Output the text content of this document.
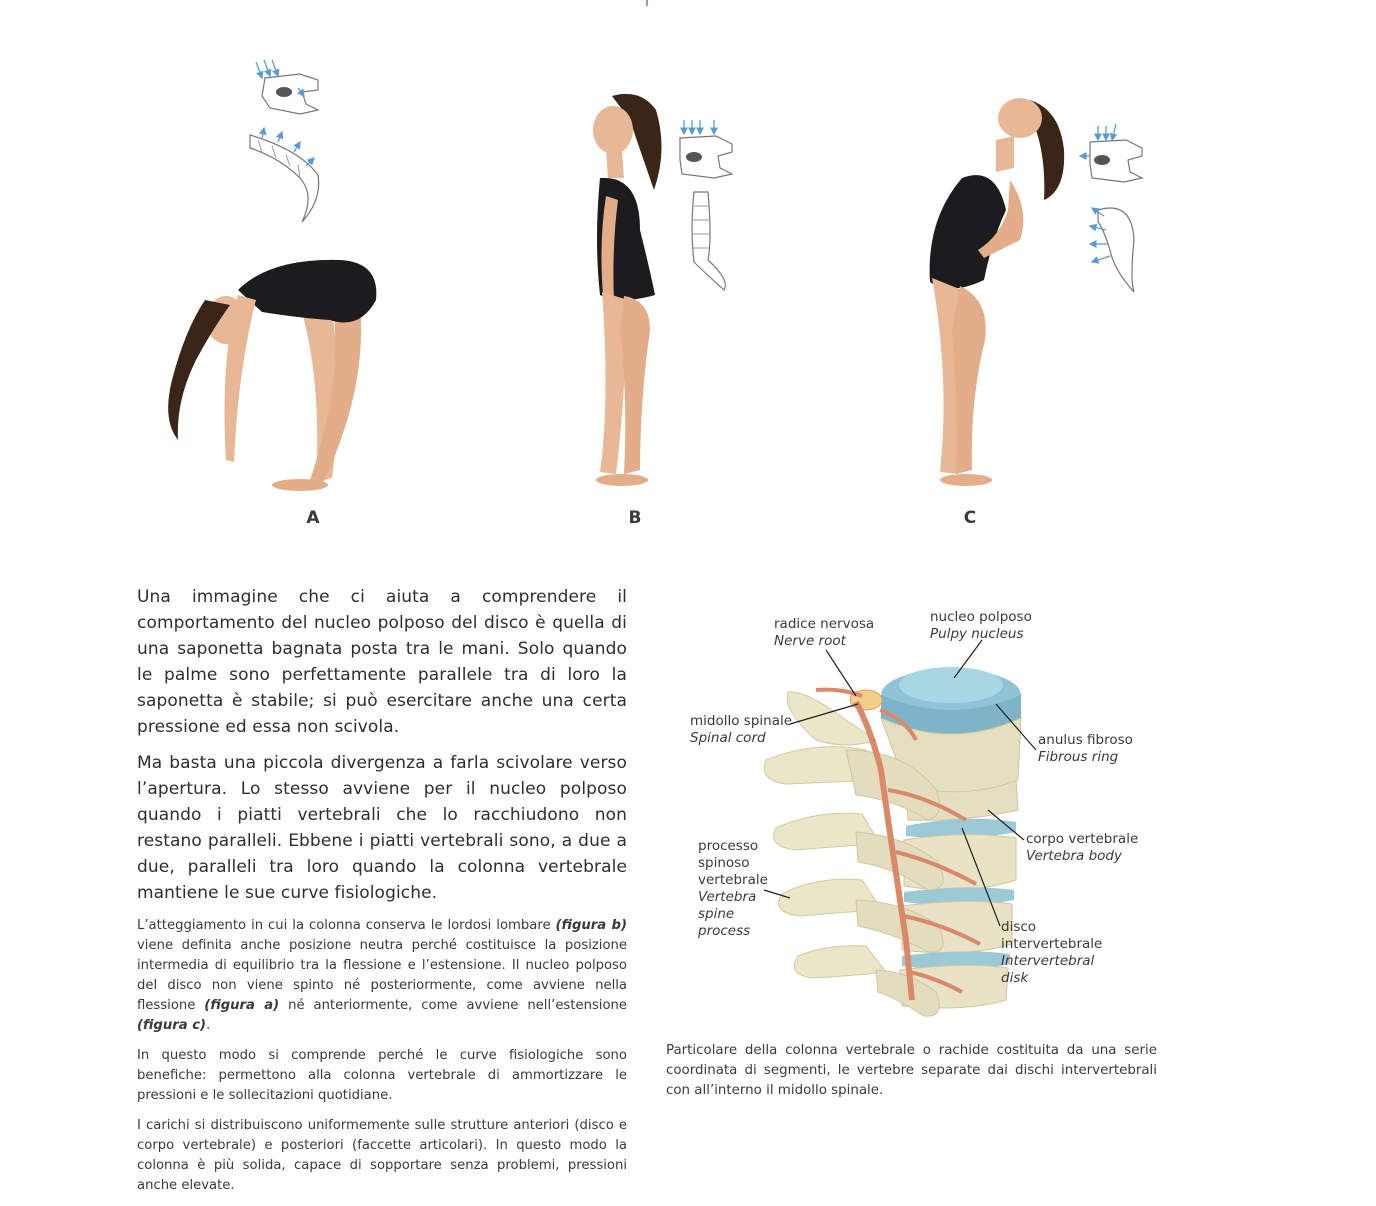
A	B	C

Una immagine che ci aiuta a comprendere il comportamento del nucleo polposo del disco è quella di una saponetta bagnata posta tra le mani. Solo quando le palme sono perfettamente parallele tra di loro la saponetta è stabile; si può esercitare anche una certa pressione ed essa non scivola.

Ma basta una piccola divergenza a farla scivolare verso l’apertura. Lo stesso avviene per il nucleo polposo quando i piatti vertebrali che lo racchiudono non restano paralleli. Ebbene i piatti vertebrali sono, a due a due, paralleli tra loro quando la colonna vertebrale mantiene le sue curve fisiologiche.

L’atteggiamento in cui la colonna conserva le lordosi lombare (figura b) viene definita anche posizione neutra perché costituisce la posizione intermedia di equilibrio tra la flessione e l’estensione. Il nucleo polposo del disco non viene spinto né posteriormente, come avviene nella flessione (figura a) né anteriormente, come avviene nell’estensione (figura c).

In questo modo si comprende perché le curve fisiologiche sono benefiche: permettono alla colonna vertebrale di ammortizzare le pressioni e le sollecitazioni quotidiane.

I carichi si distribuiscono uniformemente sulle strutture anteriori (disco e corpo vertebrale) e posteriori (faccette articolari). In questo modo la colonna è più solida, capace di sopportare senza problemi, pressioni anche elevate.

radice nervosa
Nerve root
nucleo polposo
Pulpy nucleus
midollo spinale
Spinal cord	anulus fibroso
Fibrous ring
corpo vertebrale
Vertebra body
processo
spinoso
vertebrale
Vertebra
spine
process	disco
intervertebrale
Intervertebral
disk
Particolare della colonna vertebrale o rachide costituita da una serie coordinata di segmenti, le vertebre separate dai dischi intervertebrali con all’interno il midollo spinale.
